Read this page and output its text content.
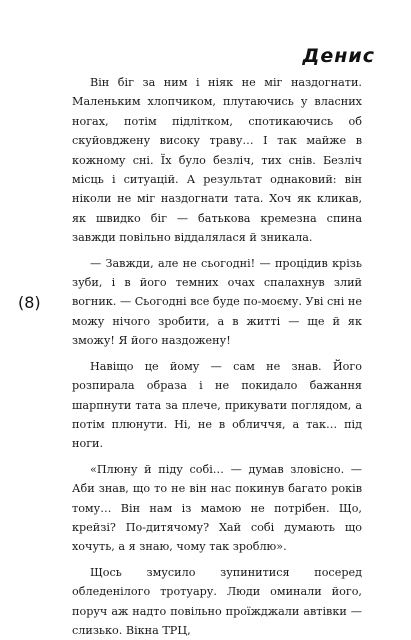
Денис
(8)

Він біг за ним і ніяк не міг наздогнати. Маленьким хлопчиком, плутаючись у власних ногах, потім підлітком, спотикаючись об скуйовджену високу траву… І так майже в кожному сні. Їх було безліч, тих снів. Безліч місць і ситуацій. А результат однаковий: він ніколи не міг наздогнати тата. Хоч як кликав, як швидко біг — батькова кремезна спина завжди повільно віддалялася й зникала.

— Завжди, але не сьогодні! — процідив крізь зуби, і в його темних очах спалахнув злий вогник. — Сьогодні все буде по-моєму. Уві сні не можу нічого зробити, а в житті — ще й як зможу! Я його наздожену!

Навіщо це йому — сам не знав. Його розпирала образа і не покидало бажання шарпнути тата за плече, прикувати поглядом, а потім плюнути. Ні, не в обличчя, а так… під ноги.

«Плюну й піду собі… — думав зловісно. — Аби знав, що то не він нас покинув багато років тому… Він нам із мамою не потрібен. Що, крейзі? По-дитячому? Хай собі думають що хочуть, а я знаю, чому так зроблю».

Щось змусило зупинитися посеред обледенілого тротуару. Люди оминали його, поруч аж надто повільно проїжджали автівки — слизько. Вікна ТРЦ,
